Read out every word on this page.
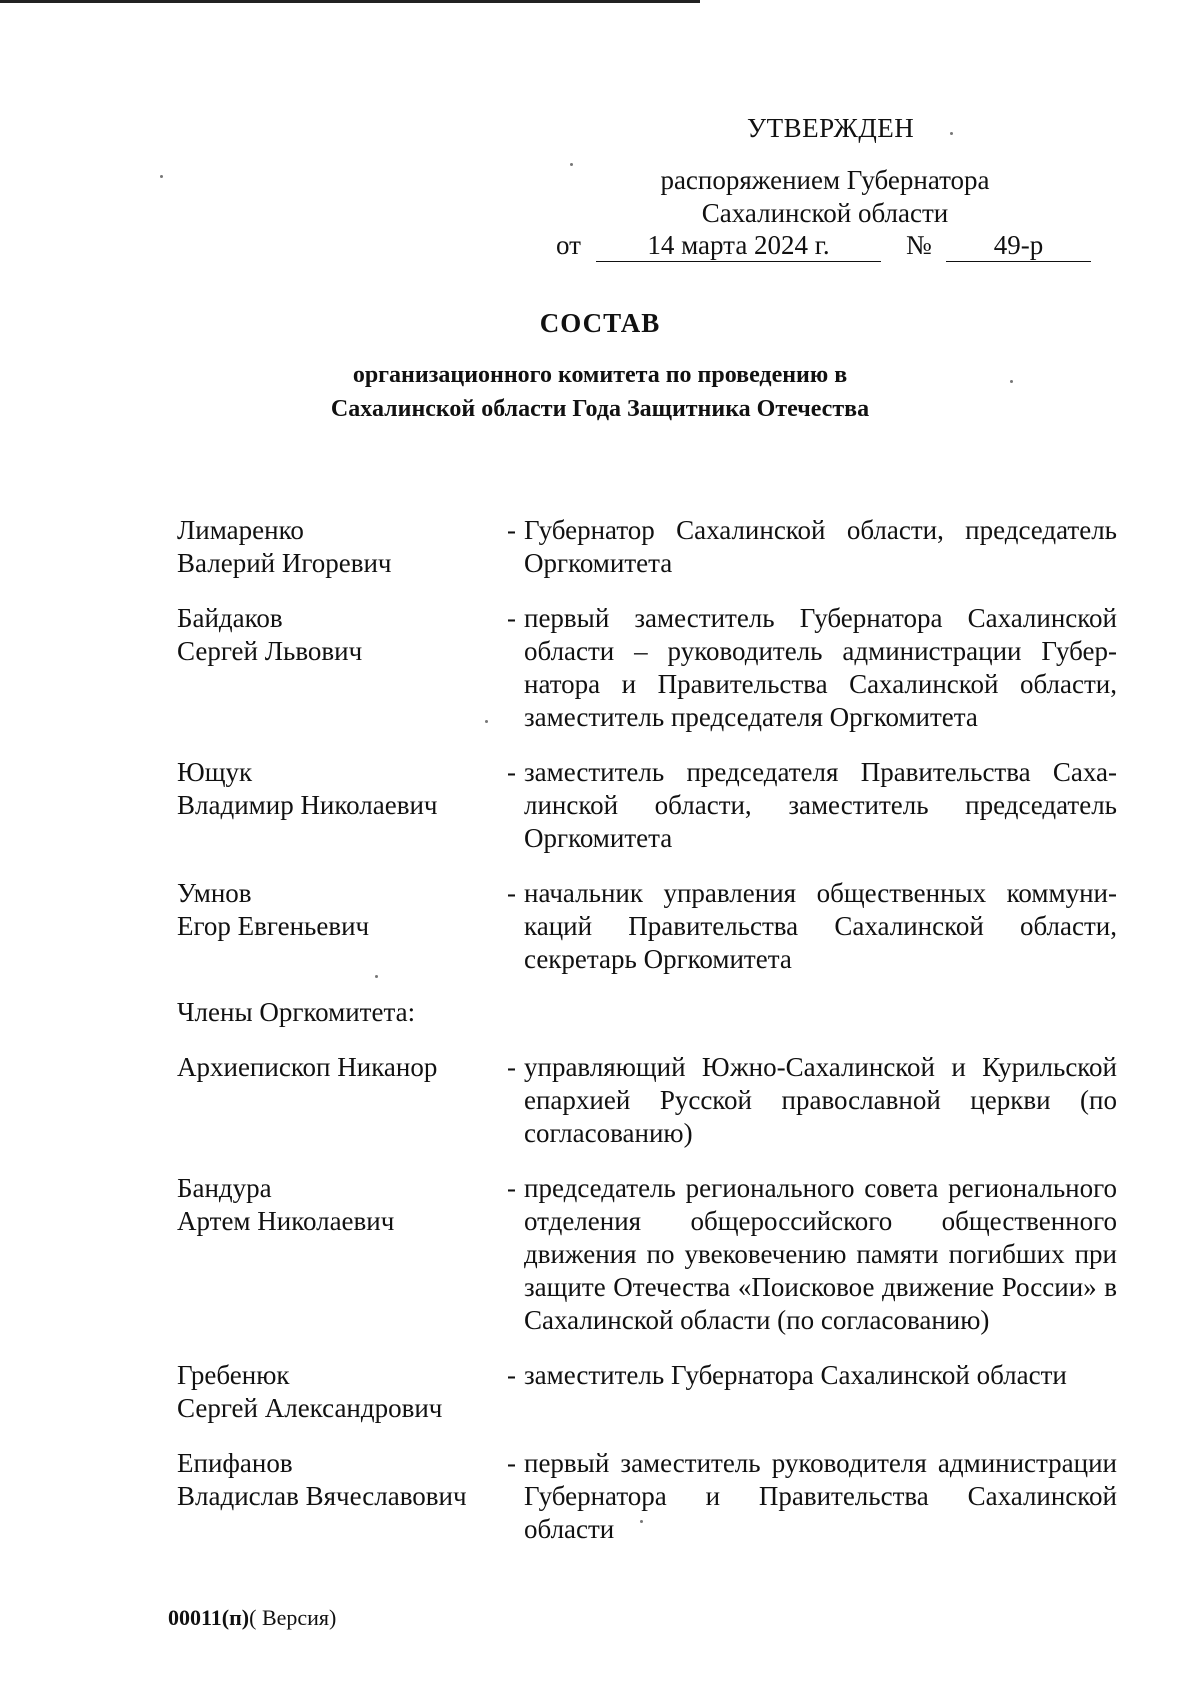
УТВЕРЖДЕН
распоряжением Губернатора
Сахалинской области
от	14 марта 2024 г.	№	49-р
СОСТАВ
организационного комитета по проведению в
Сахалинской области Года Защитника Отечества
Лимаренко
Валерий Игоревич
- Губернатор Сахалинской области, председатель Оргкомитета
Байдаков
Сергей Львович
- первый заместитель Губернатора Сахалинской области – руководитель администрации Губернатора и Правительства Сахалинской области, заместитель председателя Оргкомитета
Ющук
Владимир Николаевич
- заместитель председателя Правительства Сахалинской области, заместитель председатель Оргкомитета
Умнов
Егор Евгеньевич
- начальник управления общественных коммуникаций Правительства Сахалинской области, секретарь Оргкомитета
Члены Оргкомитета:
Архиепископ Никанор	- управляющий Южно-Сахалинской и Курильской епархией Русской православной церкви (по согласованию)
Бандура
Артем Николаевич
- председатель регионального совета регионального отделения общероссийского общественного движения по увековечению памяти погибших при защите Отечества «Поисковое движение России» в Сахалинской области (по согласованию)
Гребенюк
Сергей Александрович
- заместитель Губернатора Сахалинской области
Епифанов
Владислав Вячеславович
- первый заместитель руководителя администрации Губернатора и Правительства Сахалинской области
00011(п)( Версия)
